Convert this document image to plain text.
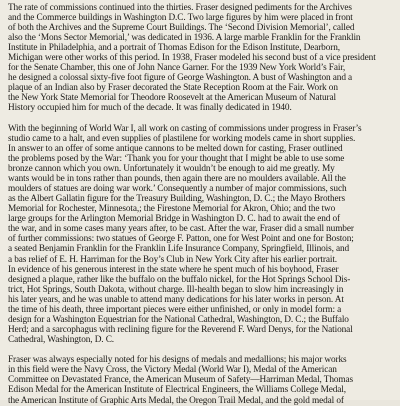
The rate of commissions continued into the thirties. Fraser designed pediments for the Archives
and the Commerce buildings in Washington D.C. Two large figures by him were placed in front
of both the Archives and the Supreme Court Buildings. The ‘Second Division Memorial’, called
also the ‘Mons Sector Memorial,’ was dedicated in 1936. A large marble Franklin for the Franklin
Institute in Philadelphia, and a portrait of Thomas Edison for the Edison Institute, Dearborn,
Michigan were other works of this period. In 1938, Fraser modeled his second bust of a vice president
for the Senate Chamber, this one of John Nance Garner. For the 1939 New York World’s Fair,
he designed a colossal sixty-five foot figure of George Washington. A bust of Washington and a
plaque of an Indian also by Fraser decorated the State Reception Room at the Fair. Work on
the New York State Memorial for Theodore Roosevelt at the American Museum of Natural
History occupied him for much of the decade. It was finally dedicated in 1940.

With the beginning of World War I, all work on casting of commissions under progress in Fraser’s
studio came to a halt, and even supplies of plastilene for working models came in short supplies.
In answer to an offer of some antique cannons to be melted down for casting, Fraser outlined
the problems posed by the War: ‘Thank you for your thought that I might be able to use some
bronze cannon which you own. Unfortunately it wouldn’t be enough to aid me greatly. My
wants would be in tons rather than pounds, then again there are no moulders available. All the
moulders of statues are doing war work.’ Consequently a number of major commissions, such
as the Albert Gallatin figure for the Treasury Building, Washington, D. C.; the Mayo Brothers
Memorial for Rochester, Minnesota,; the Firestone Memorial for Akron, Ohio; and the two
large groups for the Arlington Memorial Bridge in Washington D. C. had to await the end of
the war, and in some cases many years after, to be cast. After the war, Fraser did a small number
of further commissions: two statues of George F. Patton, one for West Point and one for Boston;
a seated Benjamin Franklin for the Franklin Life Insurance Company, Springfield, Illinois, and
a bas relief of E. H. Harriman for the Boy’s Club in New York City after his earlier portrait.
In evidence of his generous interest in the state where he spent much of his boyhood, Fraser
designed a plaque, rather like the buffalo on the buffalo nickel, for the Hot Springs School Dis-
trict, Hot Springs, South Dakota, without charge. Ill-health began to slow him increasingly in
his later years, and he was unable to attend many dedications for his later works in person. At
the time of his death, three important pieces were either unfinished, or only in model form: a
design for a Washington Equestrian for the National Cathedral, Washington, D. C.; the Buffalo
Herd; and a sarcophagus with reclining figure for the Reverend F. Ward Denys, for the National
Cathedral, Washington, D. C.

Fraser was always especially noted for his designs of medals and medallions; his major works
in this field were the Navy Cross, the Victory Medal (World War I), Medal of the American
Committee on Devastated France, the American Museum of Safety—Harriman Medal, Thomas
Edison Medal for the American Institute of Electrical Engineers, the Williams College Medal,
the American Institute of Graphic Arts Medal, the Oregon Trail Medal, and the gold medal of
